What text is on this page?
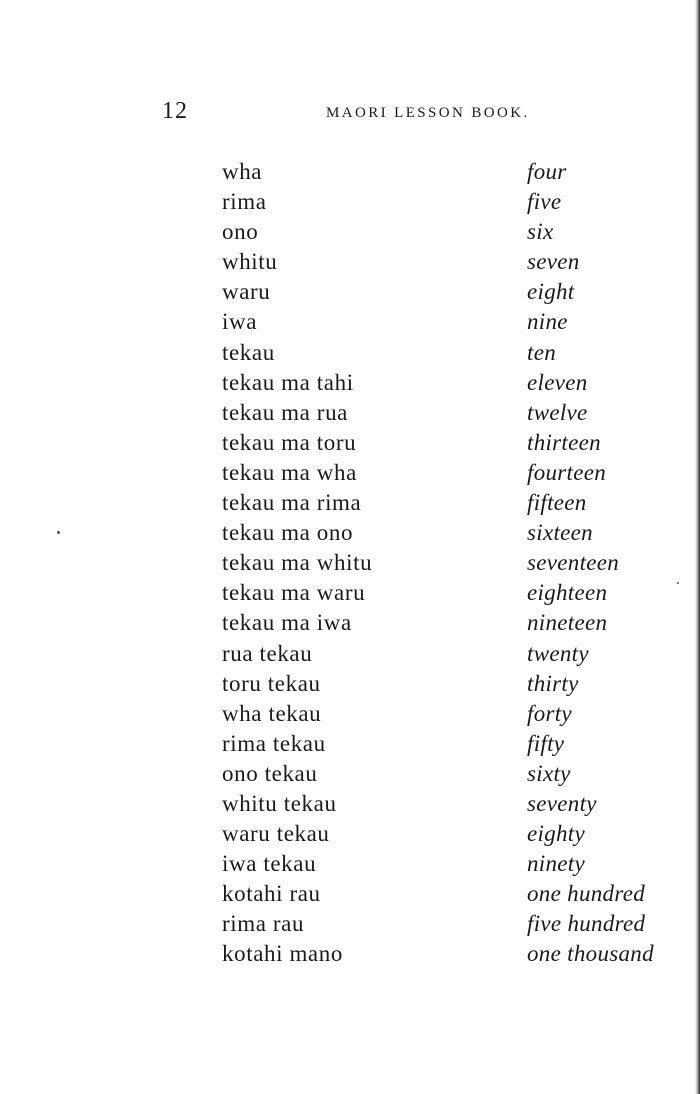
12	MAORI LESSON BOOK.
wha	four
rima	five
ono	six
whitu	seven
waru	eight
iwa	nine
tekau	ten
tekau ma tahi	eleven
tekau ma rua	twelve
tekau ma toru	thirteen
tekau ma wha	fourteen
tekau ma rima	fifteen
tekau ma ono	sixteen
tekau ma whitu	seventeen
tekau ma waru	eighteen
tekau ma iwa	nineteen
rua tekau	twenty
toru tekau	thirty
wha tekau	forty
rima tekau	fifty
ono tekau	sixty
whitu tekau	seventy
waru tekau	eighty
iwa tekau	ninety
kotahi rau	one hundred
rima rau	five hundred
kotahi mano	one thousand
